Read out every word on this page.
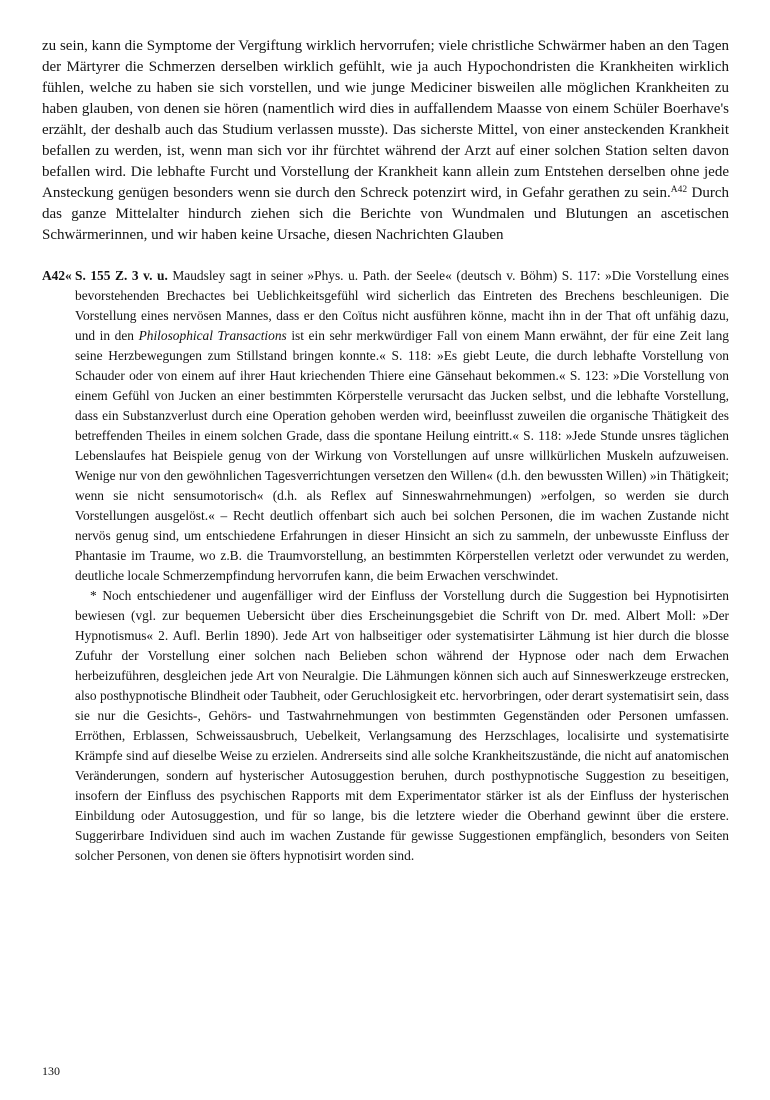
zu sein, kann die Symptome der Vergiftung wirklich hervorrufen; viele christliche Schwärmer haben an den Tagen der Märtyrer die Schmerzen derselben wirklich gefühlt, wie ja auch Hypochondristen die Krankheiten wirklich fühlen, welche zu haben sie sich vorstellen, und wie junge Mediciner bisweilen alle möglichen Krankheiten zu haben glauben, von denen sie hören (namentlich wird dies in auffallendem Maasse von einem Schüler Boerhave's erzählt, der deshalb auch das Studium verlassen musste). Das sicherste Mittel, von einer ansteckenden Krankheit befallen zu werden, ist, wenn man sich vor ihr fürchtet während der Arzt auf einer solchen Station selten davon befallen wird. Die lebhafte Furcht und Vorstellung der Krankheit kann allein zum Entstehen derselben ohne jede Ansteckung genügen besonders wenn sie durch den Schreck potenzirt wird, in Gefahr gerathen zu sein.$^{A42}$ Durch das ganze Mittelalter hindurch ziehen sich die Berichte von Wundmalen und Blutungen an ascetischen Schwärmerinnen, und wir haben keine Ursache, diesen Nachrichten Glauben

A42« S. 155 Z. 3 v. u. Maudsley sagt in seiner »Phys. u. Path. der Seele« (deutsch v. Böhm) S. 117: »Die Vorstellung eines bevorstehenden Brechactes bei Ueblichkeitsgefühl wird sicherlich das Eintreten des Brechens beschleunigen. Die Vorstellung eines nervösen Mannes, dass er den Coïtus nicht ausführen könne, macht ihn in der That oft unfähig dazu, und in den Philosophical Transactions ist ein sehr merkwürdiger Fall von einem Mann erwähnt, der für eine Zeit lang seine Herzbewegungen zum Stillstand bringen konnte.« S. 118: »Es giebt Leute, die durch lebhafte Vorstellung von Schauder oder von einem auf ihrer Haut kriechenden Thiere eine Gänsehaut bekommen.« S. 123: »Die Vorstellung von einem Gefühl von Jucken an einer bestimmten Körperstelle verursacht das Jucken selbst, und die lebhafte Vorstellung, dass ein Substanzverlust durch eine Operation gehoben werden wird, beeinflusst zuweilen die organische Thätigkeit des betreffenden Theiles in einem solchen Grade, dass die spontane Heilung eintritt.« S. 118: »Jede Stunde unsres täglichen Lebenslaufes hat Beispiele genug von der Wirkung von Vorstellungen auf unsre willkürlichen Muskeln aufzuweisen. Wenige nur von den gewöhnlichen Tagesverrichtungen versetzen den Willen« (d.h. den bewussten Willen) »in Thätigkeit; wenn sie nicht sensumotorisch« (d.h. als Reflex auf Sinneswahrnehmungen) »erfolgen, so werden sie durch Vorstellungen ausgelöst.« – Recht deutlich offenbart sich auch bei solchen Personen, die im wachen Zustande nicht nervös genug sind, um entschiedene Erfahrungen in dieser Hinsicht an sich zu sammeln, der unbewusste Einfluss der Phantasie im Traume, wo z.B. die Traumvorstellung, an bestimmten Körperstellen verletzt oder verwundet zu werden, deutliche locale Schmerzempfindung hervorrufen kann, die beim Erwachen verschwindet.

* Noch entschiedener und augenfälliger wird der Einfluss der Vorstellung durch die Suggestion bei Hypnotisirten bewiesen (vgl. zur bequemen Uebersicht über dies Erscheinungsgebiet die Schrift von Dr. med. Albert Moll: »Der Hypnotismus« 2. Aufl. Berlin 1890). Jede Art von halbseitiger oder systematisirter Lähmung ist hier durch die blosse Zufuhr der Vorstellung einer solchen nach Belieben schon während der Hypnose oder nach dem Erwachen herbeizuführen, desgleichen jede Art von Neuralgie. Die Lähmungen können sich auch auf Sinneswerkzeuge erstrecken, also posthypnotische Blindheit oder Taubheit, oder Geruchlosigkeit etc. hervorbringen, oder derart systematisirt sein, dass sie nur die Gesichts-, Gehörs- und Tastwahrnehmungen von bestimmten Gegenständen oder Personen umfassen. Erröthen, Erblassen, Schweissausbruch, Uebelkeit, Verlangsamung des Herzschlages, localisirte und systematisirte Krämpfe sind auf dieselbe Weise zu erzielen. Andrerseits sind alle solche Krankheitszustände, die nicht auf anatomischen Veränderungen, sondern auf hysterischer Autosuggestion beruhen, durch posthypnotische Suggestion zu beseitigen, insofern der Einfluss des psychischen Rapports mit dem Experimentator stärker ist als der Einfluss der hysterischen Einbildung oder Autosuggestion, und für so lange, bis die letztere wieder die Oberhand gewinnt über die erstere. Suggerirbare Individuen sind auch im wachen Zustande für gewisse Suggestionen empfänglich, besonders von Seiten solcher Personen, von denen sie öfters hypnotisirt worden sind.

130
